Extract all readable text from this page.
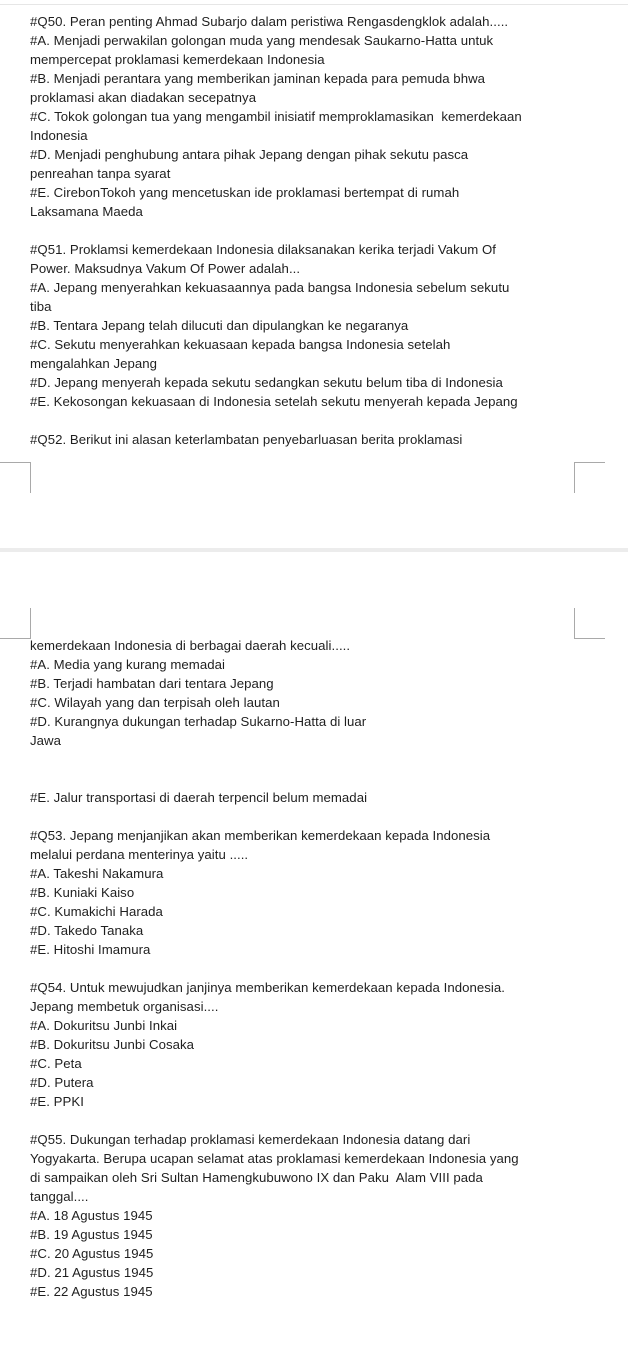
#Q50. Peran penting Ahmad Subarjo dalam peristiwa Rengasdengklok adalah.....

#A. Menjadi perwakilan golongan muda yang mendesak Saukarno-Hatta untuk

mempercepat proklamasi kemerdekaan Indonesia

#B. Menjadi perantara yang memberikan jaminan kepada para pemuda bhwa

proklamasi akan diadakan secepatnya

#C. Tokok golongan tua yang mengambil inisiatif memproklamasikan  kemerdekaan

Indonesia

#D. Menjadi penghubung antara pihak Jepang dengan pihak sekutu pasca

penreahan tanpa syarat

#E. CirebonTokoh yang mencetuskan ide proklamasi bertempat di rumah

Laksamana Maeda

#Q51. Proklamsi kemerdekaan Indonesia dilaksanakan kerika terjadi Vakum Of

Power. Maksudnya Vakum Of Power adalah...

#A. Jepang menyerahkan kekuasaannya pada bangsa Indonesia sebelum sekutu

tiba

#B. Tentara Jepang telah dilucuti dan dipulangkan ke negaranya

#C. Sekutu menyerahkan kekuasaan kepada bangsa Indonesia setelah

mengalahkan Jepang

#D. Jepang menyerah kepada sekutu sedangkan sekutu belum tiba di Indonesia

#E. Kekosongan kekuasaan di Indonesia setelah sekutu menyerah kepada Jepang

#Q52. Berikut ini alasan keterlambatan penyebarluasan berita proklamasi

kemerdekaan Indonesia di berbagai daerah kecuali.....

#A. Media yang kurang memadai

#B. Terjadi hambatan dari tentara Jepang

#C. Wilayah yang dan terpisah oleh lautan

#D. Kurangnya dukungan terhadap Sukarno-Hatta di luar

Jawa

#E. Jalur transportasi di daerah terpencil belum memadai

#Q53. Jepang menjanjikan akan memberikan kemerdekaan kepada Indonesia

melalui perdana menterinya yaitu .....

#A. Takeshi Nakamura

#B. Kuniaki Kaiso

#C. Kumakichi Harada

#D. Takedo Tanaka

#E. Hitoshi Imamura

#Q54. Untuk mewujudkan janjinya memberikan kemerdekaan kepada Indonesia.

Jepang membetuk organisasi....

#A. Dokuritsu Junbi Inkai

#B. Dokuritsu Junbi Cosaka

#C. Peta

#D. Putera

#E. PPKI

#Q55. Dukungan terhadap proklamasi kemerdekaan Indonesia datang dari

Yogyakarta. Berupa ucapan selamat atas proklamasi kemerdekaan Indonesia yang

di sampaikan oleh Sri Sultan Hamengkubuwono IX dan Paku  Alam VIII pada

tanggal....

#A. 18 Agustus 1945

#B. 19 Agustus 1945

#C. 20 Agustus 1945

#D. 21 Agustus 1945

#E. 22 Agustus 1945
